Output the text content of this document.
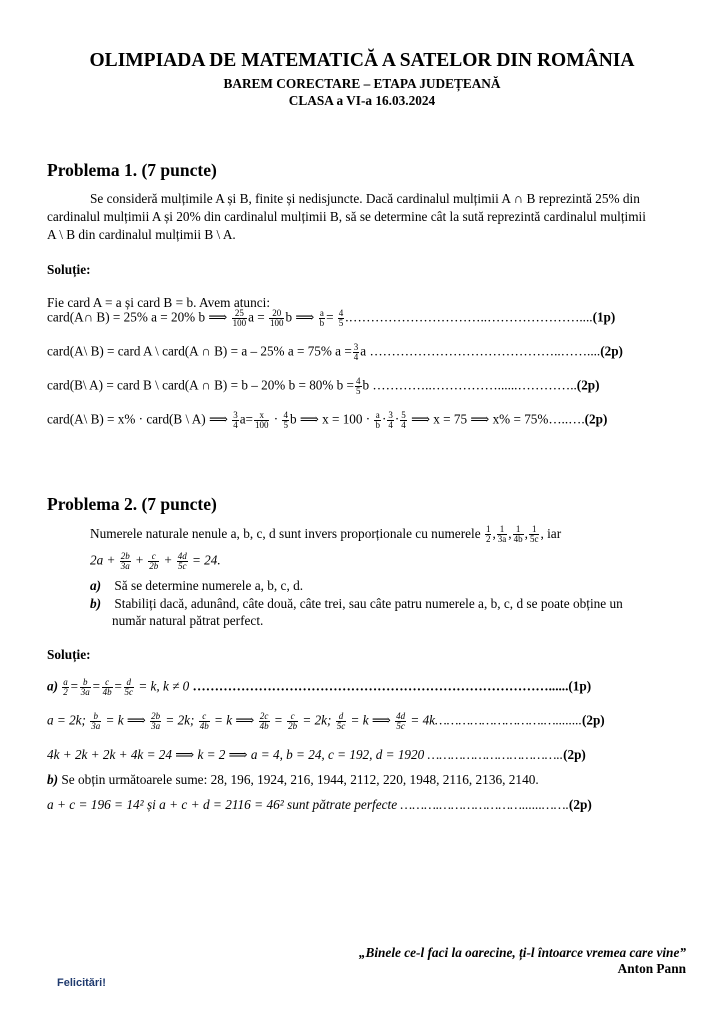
OLIMPIADA DE MATEMATICĂ A SATELOR DIN ROMÂNIA
BAREM CORECTARE – ETAPA JUDEȚEANĂ
CLASA a VI-a 16.03.2024
Problema 1. (7 puncte)
Se consideră mulțimile A și B, finite și nedisjuncte. Dacă cardinalul mulțimii A ∩ B reprezintă 25% din
cardinalul mulțimii A și 20% din cardinalul mulțimii B, să se determine cât la sută reprezintă cardinalul mulțimii
A \ B din cardinalul mulțimii B \ A.
Soluție:
Fie card A = a și card B = b. Avem atunci:
card(A∩ B) = 25% a = 20% b ⟹ $\frac{25}{100}$ $a = \frac{20}{100}$ b ⟹ $\frac{a}{b} = \frac{4}{5}$ .…………………………..…………………....(1p)
card(A\ B) = card A \ card(A ∩ B) = a – 25% a = 75% $a = \frac{3}{4}$ a ……………………………………..……....(2p)
card(B\ A) = card B \ card(A ∩ B) = b – 20% b = 80% $b = \frac{4}{5}$ b …………..……………......…………..(2p)
card(A\ B) = x% · card(B \ A) ⟹ $\frac{3}{4} a= \frac{x}{100} \cdot \frac{4}{5}$ b ⟹ $x = 100 \cdot \frac{a}{b} \cdot \frac{3}{4} \cdot \frac{5}{4}$ ⟹ x = 75 ⟹ x% = 75%…..….(2p)
Problema 2. (7 puncte)
Numerele naturale nenule a, b, c, d sunt invers proporționale cu numerele $\frac{1}{2}$ , $\frac{1}{3a}$ , $\frac{1}{4b}$ , $\frac{1}{5c}$ , iar
$2a + \frac{2b}{3a} + \frac{c}{2b} + \frac{4d}{5c} = 24$.
a) Să se determine numerele a, b, c, d.
b) Stabiliți dacă, adunând, câte două, câte trei, sau câte patru numerele a, b, c, d se poate obține un
număr natural pătrat perfect.
Soluție:
$a) \frac{a}{2} = \frac{b}{3a} = \frac{c}{4b} = \frac{d}{5c} = k$, k ≠ 0 ………………………………………………………………………......(1p)
a = 2k; $\frac{b}{3a} = k$ ⟹ $\frac{2b}{3a} = 2k$; $\frac{c}{4b} = k$ ⟹ $\frac{2c}{4b} = \frac{c}{2b} = 2k$; $\frac{d}{5c} = k$ ⟹ $\frac{4d}{5c}$ = 4k……………………….…........(2p)
4k + 2k + 2k + 4k = 24 ⟹ k = 2 ⟹ a = 4, b = 24, c = 192, d = 1920 ……………………………..(2p)
b) Se obțin următoarele sume: 28, 196, 1924, 216, 1944, 2112, 220, 1948, 2116, 2136, 2140.
a + c = 196 = 14² și a + c + d = 2116 = 46² sunt pătrate perfecte ……….…………………......…….(2p)
„Binele ce-l faci la oarecine, ți-l întoarce vremea care vine”
Anton Pann
Felicitări!
